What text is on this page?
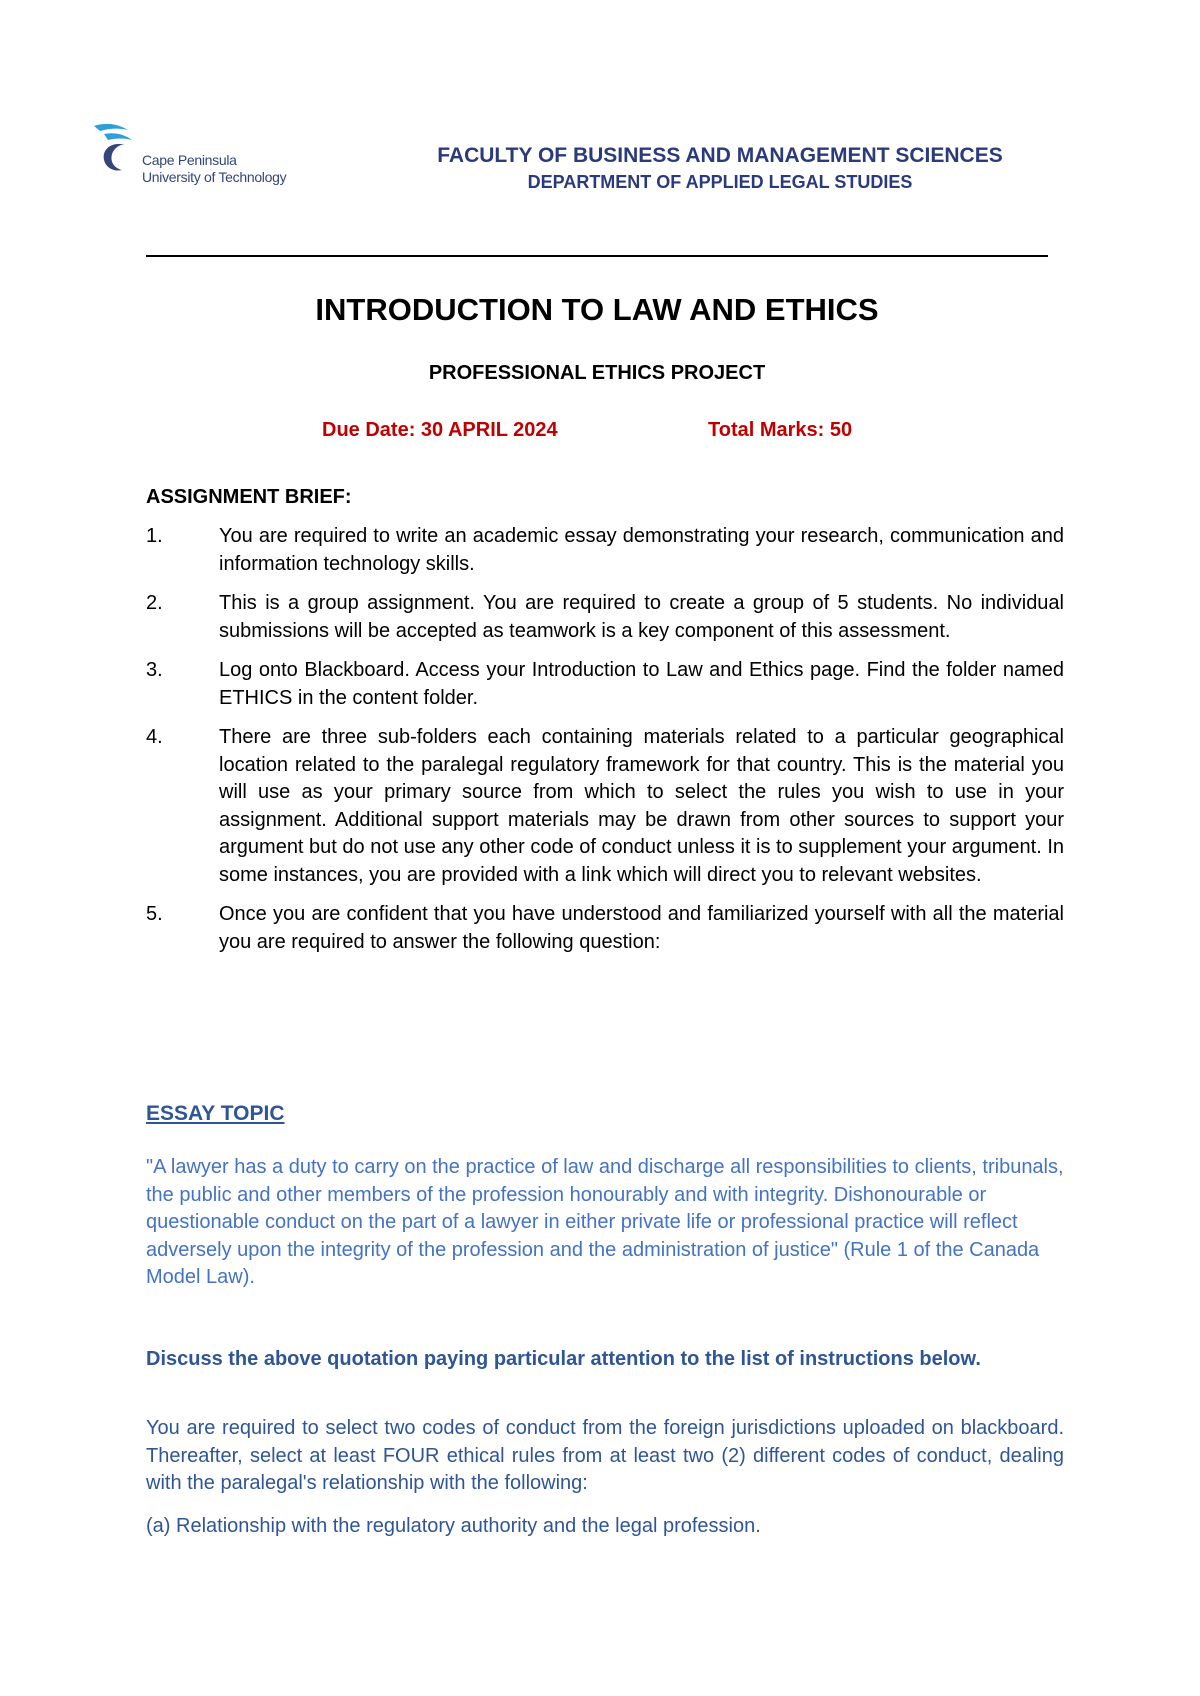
Cape Peninsula
University of Technology
FACULTY OF BUSINESS AND MANAGEMENT SCIENCES
DEPARTMENT OF APPLIED LEGAL STUDIES
INTRODUCTION TO LAW AND ETHICS
PROFESSIONAL ETHICS PROJECT
Due Date: 30 APRIL 2024	Total Marks: 50
ASSIGNMENT BRIEF:
1.	You are required to write an academic essay demonstrating your research, communication and information technology skills.
2.	This is a group assignment. You are required to create a group of 5 students. No individual submissions will be accepted as teamwork is a key component of this assessment.
3.	Log onto Blackboard. Access your Introduction to Law and Ethics page. Find the folder named ETHICS in the content folder.
4.	There are three sub-folders each containing materials related to a particular geographical location related to the paralegal regulatory framework for that country. This is the material you will use as your primary source from which to select the rules you wish to use in your assignment. Additional support materials may be drawn from other sources to support your argument but do not use any other code of conduct unless it is to supplement your argument. In some instances, you are provided with a link which will direct you to relevant websites.
5.	Once you are confident that you have understood and familiarized yourself with all the material you are required to answer the following question:
ESSAY TOPIC
"A lawyer has a duty to carry on the practice of law and discharge all responsibilities to clients, tribunals, the public and other members of the profession honourably and with integrity. Dishonourable or questionable conduct on the part of a lawyer in either private life or professional practice will reflect adversely upon the integrity of the profession and the administration of justice" (Rule 1 of the Canada Model Law).
Discuss the above quotation paying particular attention to the list of instructions below.
You are required to select two codes of conduct from the foreign jurisdictions uploaded on blackboard. Thereafter, select at least FOUR ethical rules from at least two (2) different codes of conduct, dealing with the paralegal's relationship with the following:
(a) Relationship with the regulatory authority and the legal profession.
